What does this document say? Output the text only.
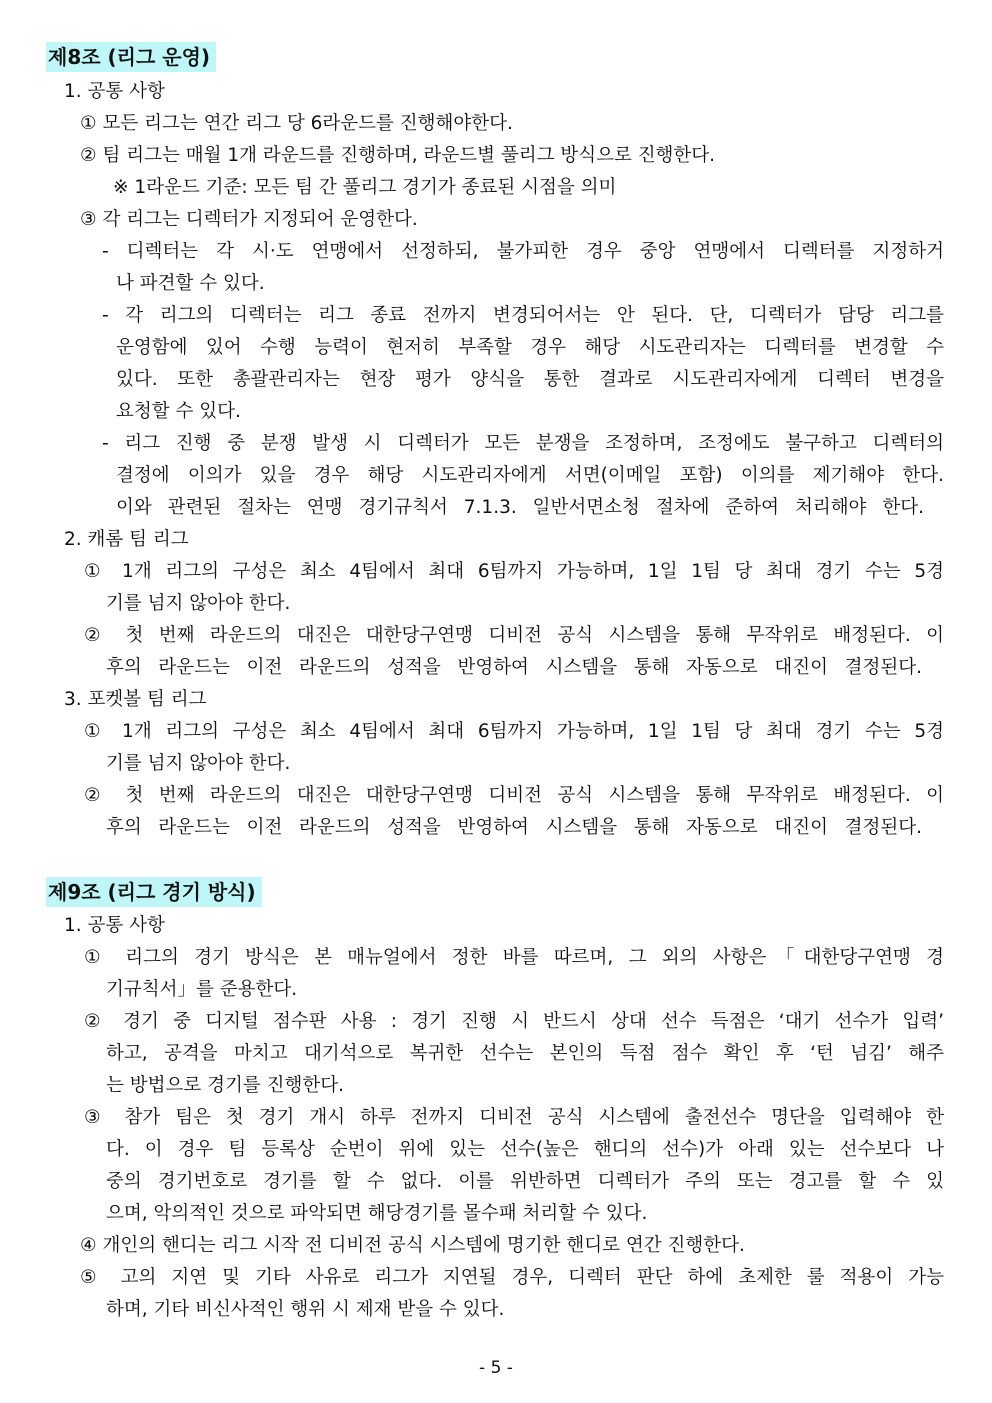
제8조 (리그 운영)
1. 공통 사항
① 모든 리그는 연간 리그 당 6라운드를 진행해야한다.
② 팀 리그는 매월 1개 라운드를 진행하며, 라운드별 풀리그 방식으로 진행한다.
※ 1라운드 기준: 모든 팀 간 풀리그 경기가 종료된 시점을 의미
③ 각 리그는 디렉터가 지정되어 운영한다.
- 디렉터는 각 시·도 연맹에서 선정하되, 불가피한 경우 중앙 연맹에서 디렉터를 지정하거
나 파견할 수 있다.
- 각 리그의 디렉터는 리그 종료 전까지 변경되어서는 안 된다. 단, 디렉터가 담당 리그를
운영함에 있어 수행 능력이 현저히 부족할 경우 해당 시도관리자는 디렉터를 변경할 수
있다. 또한 총괄관리자는 현장 평가 양식을 통한 결과로 시도관리자에게 디렉터 변경을
요청할 수 있다.
- 리그 진행 중 분쟁 발생 시 디렉터가 모든 분쟁을 조정하며, 조정에도 불구하고 디렉터의
결정에 이의가 있을 경우 해당 시도관리자에게 서면(이메일 포함) 이의를 제기해야 한다.
이와 관련된 절차는 연맹 경기규칙서 7.1.3. 일반서면소청 절차에 준하여 처리해야 한다.
2. 캐롬 팀 리그
① 1개 리그의 구성은 최소 4팀에서 최대 6팀까지 가능하며, 1일 1팀 당 최대 경기 수는 5경
기를 넘지 않아야 한다.
② 첫 번째 라운드의 대진은 대한당구연맹 디비전 공식 시스템을 통해 무작위로 배정된다. 이
후의 라운드는 이전 라운드의 성적을 반영하여 시스템을 통해 자동으로 대진이 결정된다.
3. 포켓볼 팀 리그
① 1개 리그의 구성은 최소 4팀에서 최대 6팀까지 가능하며, 1일 1팀 당 최대 경기 수는 5경
기를 넘지 않아야 한다.
② 첫 번째 라운드의 대진은 대한당구연맹 디비전 공식 시스템을 통해 무작위로 배정된다. 이
후의 라운드는 이전 라운드의 성적을 반영하여 시스템을 통해 자동으로 대진이 결정된다.
제9조 (리그 경기 방식)
1. 공통 사항
① 리그의 경기 방식은 본 매뉴얼에서 정한 바를 따르며, 그 외의 사항은「대한당구연맹 경
기규칙서」를 준용한다.
② 경기 중 디지털 점수판 사용 : 경기 진행 시 반드시 상대 선수 득점은 ‘대기 선수가 입력’
하고, 공격을 마치고 대기석으로 복귀한 선수는 본인의 득점 점수 확인 후 ‘턴 넘김’ 해주
는 방법으로 경기를 진행한다.
③ 참가 팀은 첫 경기 개시 하루 전까지 디비전 공식 시스템에 출전선수 명단을 입력해야 한
다. 이 경우 팀 등록상 순번이 위에 있는 선수(높은 핸디의 선수)가 아래 있는 선수보다 나
중의 경기번호로 경기를 할 수 없다. 이를 위반하면 디렉터가 주의 또는 경고를 할 수 있
으며, 악의적인 것으로 파악되면 해당경기를 몰수패 처리할 수 있다.
④ 개인의 핸디는 리그 시작 전 디비전 공식 시스템에 명기한 핸디로 연간 진행한다.
⑤ 고의 지연 및 기타 사유로 리그가 지연될 경우, 디렉터 판단 하에 초제한 룰 적용이 가능
하며, 기타 비신사적인 행위 시 제재 받을 수 있다.
- 5 -
